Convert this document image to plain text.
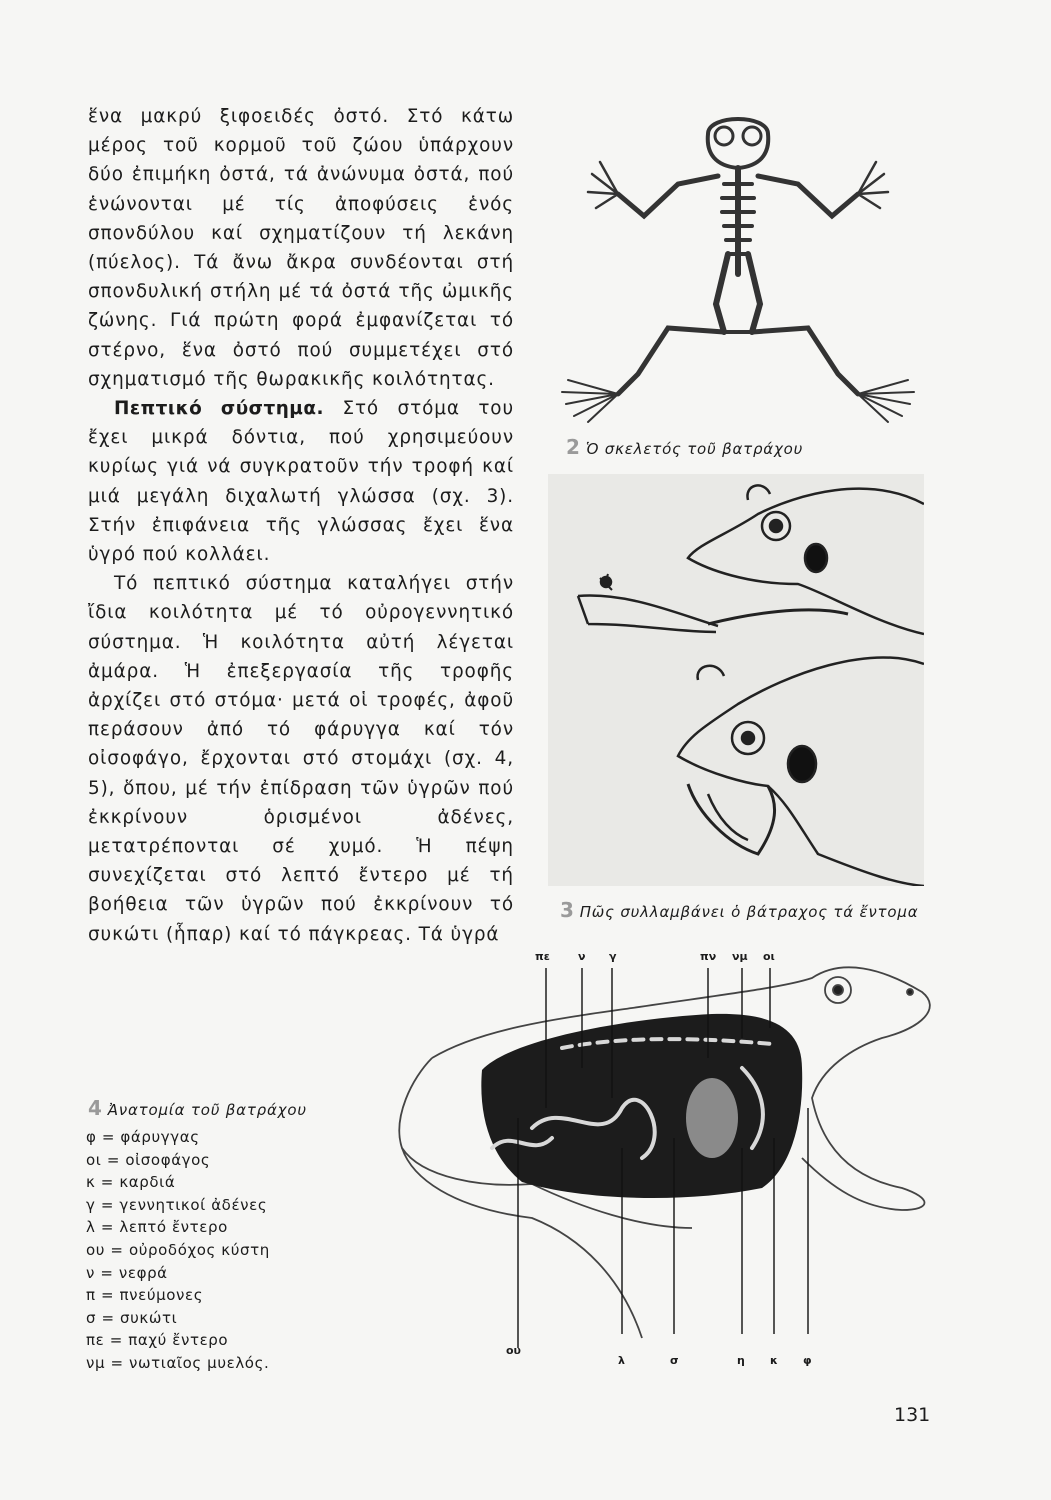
ἕνα μακρύ ξιφοειδές ὀστό. Στό κάτω μέρος τοῦ κορμοῦ τοῦ ζώου ὑπάρχουν δύο ἐπιμήκη ὀστά, τά ἀνώνυμα ὀστά, πού ἑνώνονται μέ τίς ἀποφύσεις ἑνός σπονδύλου καί σχηματίζουν τή λεκάνη (πύελος). Τά ἄνω ἄκρα συνδέονται στή σπονδυλική στήλη μέ τά ὀστά τῆς ὠμικῆς ζώνης. Γιά πρώτη φορά ἐμφανίζεται τό στέρνο, ἕνα ὀστό πού συμμετέχει στό σχηματισμό τῆς θωρακικῆς κοιλότητας.

Πεπτικό σύστημα. Στό στόμα του ἔχει μικρά δόντια, πού χρησιμεύουν κυρίως γιά νά συγκρατοῦν τήν τροφή καί μιά μεγάλη διχαλωτή γλώσσα (σχ. 3). Στήν ἐπιφάνεια τῆς γλώσσας ἔχει ἕνα ὑγρό πού κολλάει.

Τό πεπτικό σύστημα καταλήγει στήν ἴδια κοιλότητα μέ τό οὐρογεννητικό σύστημα. Ἡ κοιλότητα αὐτή λέγεται ἀμάρα. Ἡ ἐπεξεργασία τῆς τροφῆς ἀρχίζει στό στόμα· μετά οἱ τροφές, ἀφοῦ περάσουν ἀπό τό φάρυγγα καί τόν οἰσοφάγο, ἔρχονται στό στομάχι (σχ. 4, 5), ὅπου, μέ τήν ἐπίδραση τῶν ὑγρῶν πού ἐκκρίνουν ὁρισμένοι ἀδένες, μετατρέπονται σέ χυμό. Ἡ πέψη συνεχίζεται στό λεπτό ἔντερο μέ τή βοήθεια τῶν ὑγρῶν πού ἐκκρίνουν τό συκώτι (ἧπαρ) καί τό πάγκρεας. Τά ὑγρά

2 Ὁ σκελετός τοῦ βατράχου
3 Πῶς συλλαμβάνει ὁ βάτραχος τά ἔντομα
πε	ν γ	πν νμ οι
ου
λ	σ	η κ φ
4 Ἀνατομία τοῦ βατράχου
φ = φάρυγγας
οι = οἰσοφάγος
κ = καρδιά
γ = γεννητικοί ἀδένες
λ = λεπτό ἔντερο
ου = οὐροδόχος κύστη
ν = νεφρά
π = πνεύμονες
σ = συκώτι
πε = παχύ ἔντερο
νμ = νωτιαῖος μυελός.
131
